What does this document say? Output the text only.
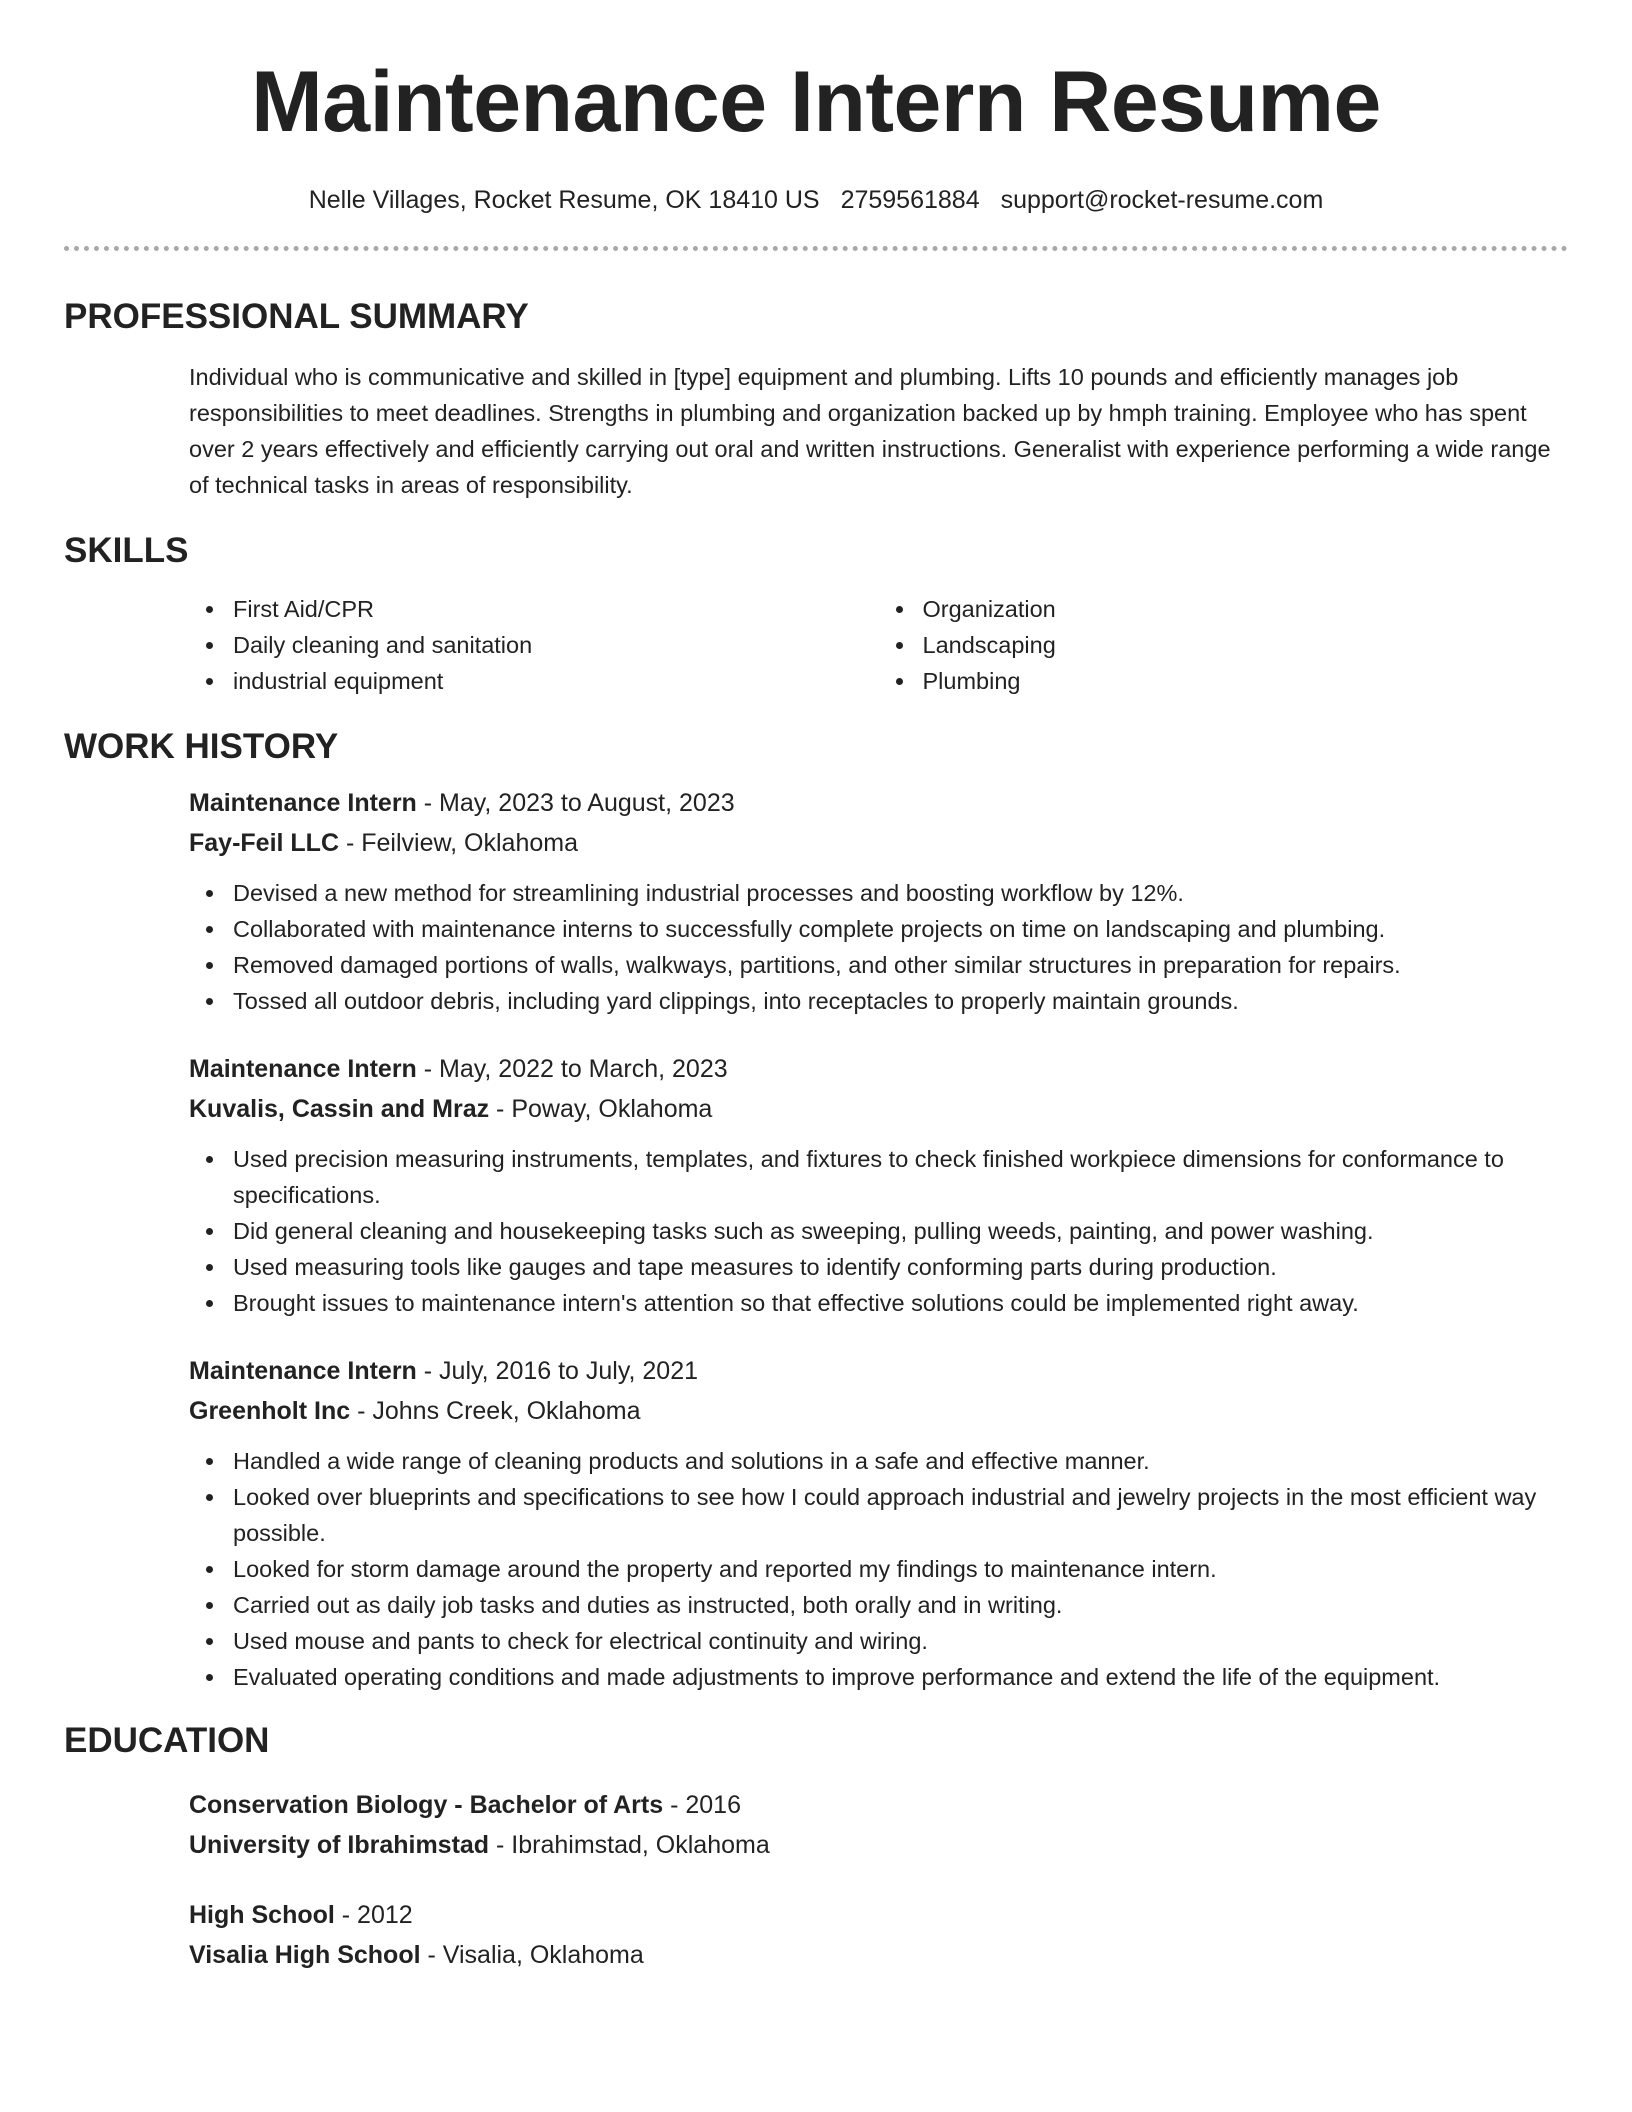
Maintenance Intern Resume
Nelle Villages, Rocket Resume, OK 18410 US 2759561884 support@rocket-resume.com
PROFESSIONAL SUMMARY

Individual who is communicative and skilled in [type] equipment and plumbing. Lifts 10 pounds and efficiently manages job responsibilities to meet deadlines. Strengths in plumbing and organization backed up by hmph training. Employee who has spent over 2 years effectively and efficiently carrying out oral and written instructions. Generalist with experience performing a wide range of technical tasks in areas of responsibility.

SKILLS
First Aid/CPR
Daily cleaning and sanitation
industrial equipment
Organization
Landscaping
Plumbing
WORK HISTORY
Maintenance Intern - May, 2023 to August, 2023
Fay-Feil LLC - Feilview, Oklahoma
Devised a new method for streamlining industrial processes and boosting workflow by 12%.
Collaborated with maintenance interns to successfully complete projects on time on landscaping and plumbing.
Removed damaged portions of walls, walkways, partitions, and other similar structures in preparation for repairs.
Tossed all outdoor debris, including yard clippings, into receptacles to properly maintain grounds.
Maintenance Intern - May, 2022 to March, 2023
Kuvalis, Cassin and Mraz - Poway, Oklahoma
Used precision measuring instruments, templates, and fixtures to check finished workpiece dimensions for conformance to specifications.
Did general cleaning and housekeeping tasks such as sweeping, pulling weeds, painting, and power washing.
Used measuring tools like gauges and tape measures to identify conforming parts during production.
Brought issues to maintenance intern's attention so that effective solutions could be implemented right away.
Maintenance Intern - July, 2016 to July, 2021
Greenholt Inc - Johns Creek, Oklahoma
Handled a wide range of cleaning products and solutions in a safe and effective manner.
Looked over blueprints and specifications to see how I could approach industrial and jewelry projects in the most efficient way possible.
Looked for storm damage around the property and reported my findings to maintenance intern.
Carried out as daily job tasks and duties as instructed, both orally and in writing.
Used mouse and pants to check for electrical continuity and wiring.
Evaluated operating conditions and made adjustments to improve performance and extend the life of the equipment.
EDUCATION
Conservation Biology - Bachelor of Arts - 2016
University of Ibrahimstad - Ibrahimstad, Oklahoma
High School - 2012
Visalia High School - Visalia, Oklahoma
